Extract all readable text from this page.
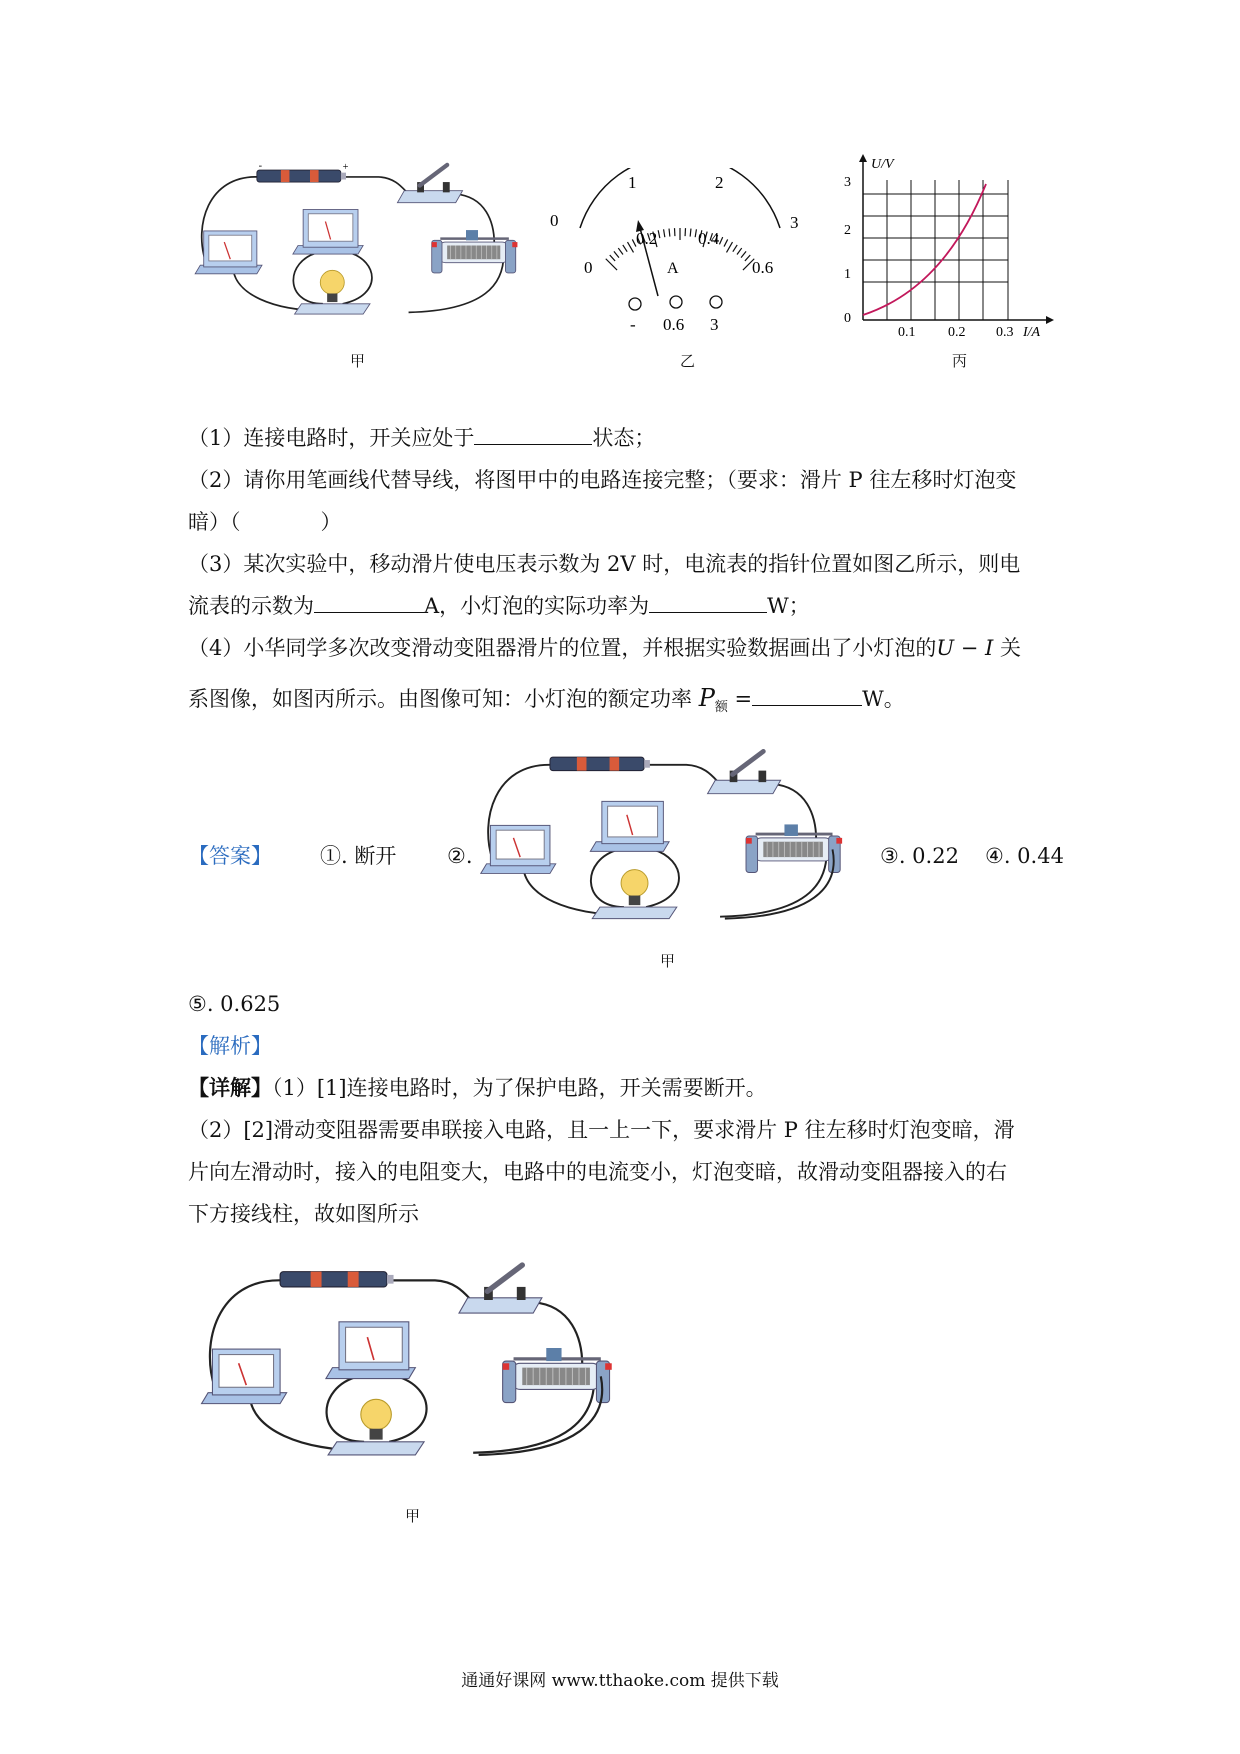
-	+
甲
0
1	2
3
0
0.2 0.4
0.6
A
- 0.6 3
乙
U/V
3
2
1
0
0.1 0.2 0.3 I/A
丙
（1）连接电路时，开关应处于	状态；
（2）请你用笔画线代替导线，将图甲中的电路连接完整；（要求：滑片 P 往左移时灯泡变
暗）（	）
（3）某次实验中，移动滑片使电压表示数为 2V 时，电流表的指针位置如图乙所示，则电
流表的示数为	A，小灯泡的实际功率为	W；
（4）小华同学多次改变滑动变阻器滑片的位置，并根据实验数据画出了小灯泡的U − I 关
系图像，如图丙所示。由图像可知：小灯泡的额定功率 $P_额$ =	W。
【答案】 ①. 断开 ②.	③. 0.22 ④. 0.44
甲
⑤. 0.625
【解析】
【详解】（1）[1]连接电路时，为了保护电路，开关需要断开。
（2）[2]滑动变阻器需要串联接入电路，且一上一下，要求滑片 P 往左移时灯泡变暗，滑
片向左滑动时，接入的电阻变大，电路中的电流变小，灯泡变暗，故滑动变阻器接入的右
下方接线柱，故如图所示
甲
通通好课网 www.tthaoke.com 提供下载
